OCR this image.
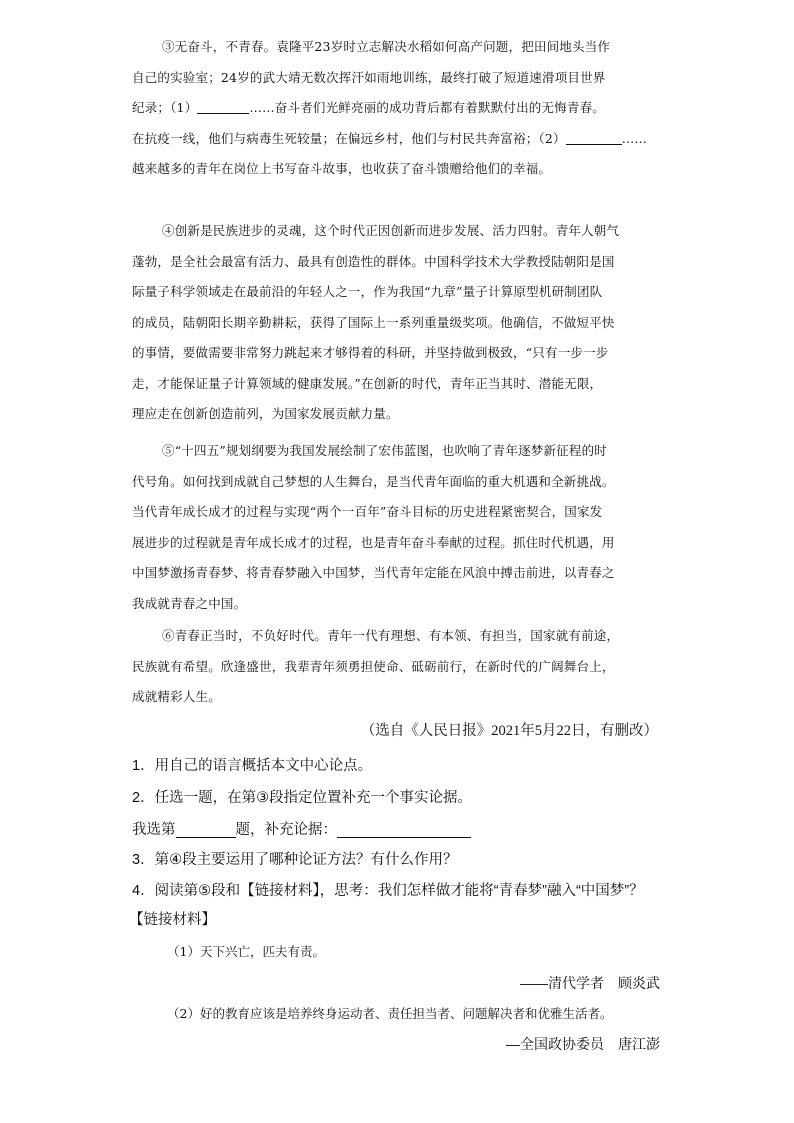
③无奋斗，不青春。袁隆平23岁时立志解决水稻如何高产问题，把田间地头当作
自己的实验室；24岁的武大靖无数次挥汗如雨地训练，最终打破了短道速滑项目世界
纪录；（1）	……奋斗者们光鲜亮丽的成功背后都有着默默付出的无悔青春。
在抗疫一线，他们与病毒生死较量；在偏远乡村，他们与村民共奔富裕；（2）	……
越来越多的青年在岗位上书写奋斗故事，也收获了奋斗馈赠给他们的幸福。
④创新是民族进步的灵魂，这个时代正因创新而进步发展、活力四射。青年人朝气
蓬勃，是全社会最富有活力、最具有创造性的群体。中国科学技术大学教授陆朝阳是国
际量子科学领域走在最前沿的年轻人之一，作为我国“九章”量子计算原型机研制团队
的成员，陆朝阳长期辛勤耕耘，获得了国际上一系列重量级奖项。他确信，不做短平快
的事情，要做需要非常努力跳起来才够得着的科研，并坚持做到极致，“只有一步一步
走，才能保证量子计算领域的健康发展。”在创新的时代，青年正当其时、潜能无限，
理应走在创新创造前列，为国家发展贡献力量。
⑤“十四五”规划纲要为我国发展绘制了宏伟蓝图，也吹响了青年逐梦新征程的时
代号角。如何找到成就自己梦想的人生舞台，是当代青年面临的重大机遇和全新挑战。
当代青年成长成才的过程与实现“两个一百年”奋斗目标的历史进程紧密契合，国家发
展进步的过程就是青年成长成才的过程，也是青年奋斗奉献的过程。抓住时代机遇，用
中国梦激扬青春梦、将青春梦融入中国梦，当代青年定能在风浪中搏击前进，以青春之
我成就青春之中国。
⑥青春正当时，不负好时代。青年一代有理想、有本领、有担当，国家就有前途，
民族就有希望。欣逢盛世，我辈青年须勇担使命、砥砺前行，在新时代的广阔舞台上，
成就精彩人生。
（选自《人民日报》2021年5月22日，有删改）
1．用自己的语言概括本文中心论点。
2．任选一题，在第③段指定位置补充一个事实论据。
我选第	题，补充论据：
3．第④段主要运用了哪种论证方法？有什么作用？
4．阅读第⑤段和【链接材料】，思考：我们怎样做才能将“青春梦”融入“中国梦”？
【链接材料】
（1）天下兴亡，匹夫有责。
——清代学者　顾炎武
（2）好的教育应该是培养终身运动者、责任担当者、问题解决者和优雅生活者。
—全国政协委员　唐江澎
